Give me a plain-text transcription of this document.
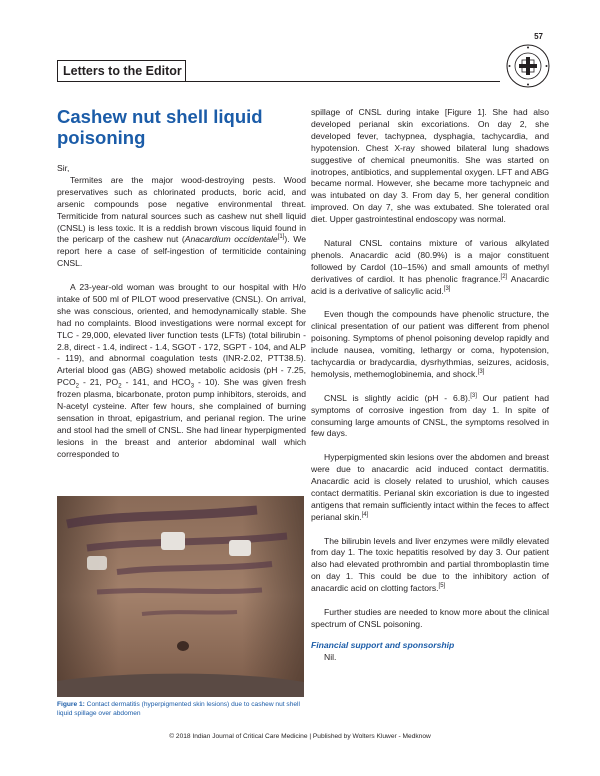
57
Letters to the Editor
Cashew nut shell liquid poisoning

Sir,

Termites are the major wood-destroying pests. Wood preservatives such as chlorinated products, boric acid, and arsenic compounds pose negative environmental threat. Termiticide from natural sources such as cashew nut shell liquid (CNSL) is less toxic. It is a reddish brown viscous liquid found in the pericarp of the cashew nut (Anacardium occidentale[1]). We report here a case of self-ingestion of termiticide containing CNSL.

A 23-year-old woman was brought to our hospital with H/o intake of 500 ml of PILOT wood preservative (CNSL). On arrival, she was conscious, oriented, and hemodynamically stable. She had no complaints. Blood investigations were normal except for TLC - 29,000, elevated liver function tests (LFTs) (total bilirubin - 2.8, direct - 1.4, indirect - 1.4, SGOT - 172, SGPT - 104, and ALP - 119), and abnormal coagulation tests (INR-2.02, PTT38.5). Arterial blood gas (ABG) showed metabolic acidosis (pH - 7.25, $PCO_2 - 21$, $PO_2 - 141$, and $HCO_3 - 10$). She was given fresh frozen plasma, bicarbonate, proton pump inhibitors, steroids, and N-acetyl cysteine. After few hours, she complained of burning sensation in throat, epigastrium, and perianal region. The urine and stool had the smell of CNSL. She had linear hyperpigmented lesions in the breast and anterior abdominal wall which corresponded to

Figure 1: Contact dermatitis (hyperpigmented skin lesions) due to cashew nut shell liquid spillage over abdomen

spillage of CNSL during intake [Figure 1]. She had also developed perianal skin excoriations. On day 2, she developed fever, tachypnea, dysphagia, tachycardia, and hypotension. Chest X-ray showed bilateral lung shadows suggestive of chemical pneumonitis. She was started on inotropes, antibiotics, and supplemental oxygen. LFT and ABG became normal. However, she became more tachypneic and was intubated on day 3. From day 5, her general condition improved. On day 7, she was extubated. She tolerated oral diet. Upper gastrointestinal endoscopy was normal.

Natural CNSL contains mixture of various alkylated phenols. Anacardic acid (80.9%) is a major constituent followed by Cardol (10–15%) and small amounts of methyl derivatives of cardiol. It has phenolic fragrance.[2] Anacardic acid is a derivative of salicylic acid.[3]

Even though the compounds have phenolic structure, the clinical presentation of our patient was different from phenol poisoning. Symptoms of phenol poisoning develop rapidly and include nausea, vomiting, lethargy or coma, hypotension, tachycardia or bradycardia, dysrhythmias, seizures, acidosis, hemolysis, methemoglobinemia, and shock.[3]

CNSL is slightly acidic (pH - 6.8).[3] Our patient had symptoms of corrosive ingestion from day 1. In spite of consuming large amounts of CNSL, the symptoms resolved in few days.

Hyperpigmented skin lesions over the abdomen and breast were due to anacardic acid induced contact dermatitis. Anacardic acid is closely related to urushiol, which causes contact dermatitis. Perianal skin excoriation is due to ingested antigens that remain sufficiently intact within the feces to affect perianal skin.[4]

The bilirubin levels and liver enzymes were mildly elevated from day 1. The toxic hepatitis resolved by day 3. Our patient also had elevated prothrombin and partial thromboplastin time on day 1. This could be due to the inhibitory action of anacardic acid on clotting factors.[5]

Further studies are needed to know more about the clinical spectrum of CNSL poisoning.

Financial support and sponsorship

Nil.

© 2018 Indian Journal of Critical Care Medicine | Published by Wolters Kluwer - Medknow
